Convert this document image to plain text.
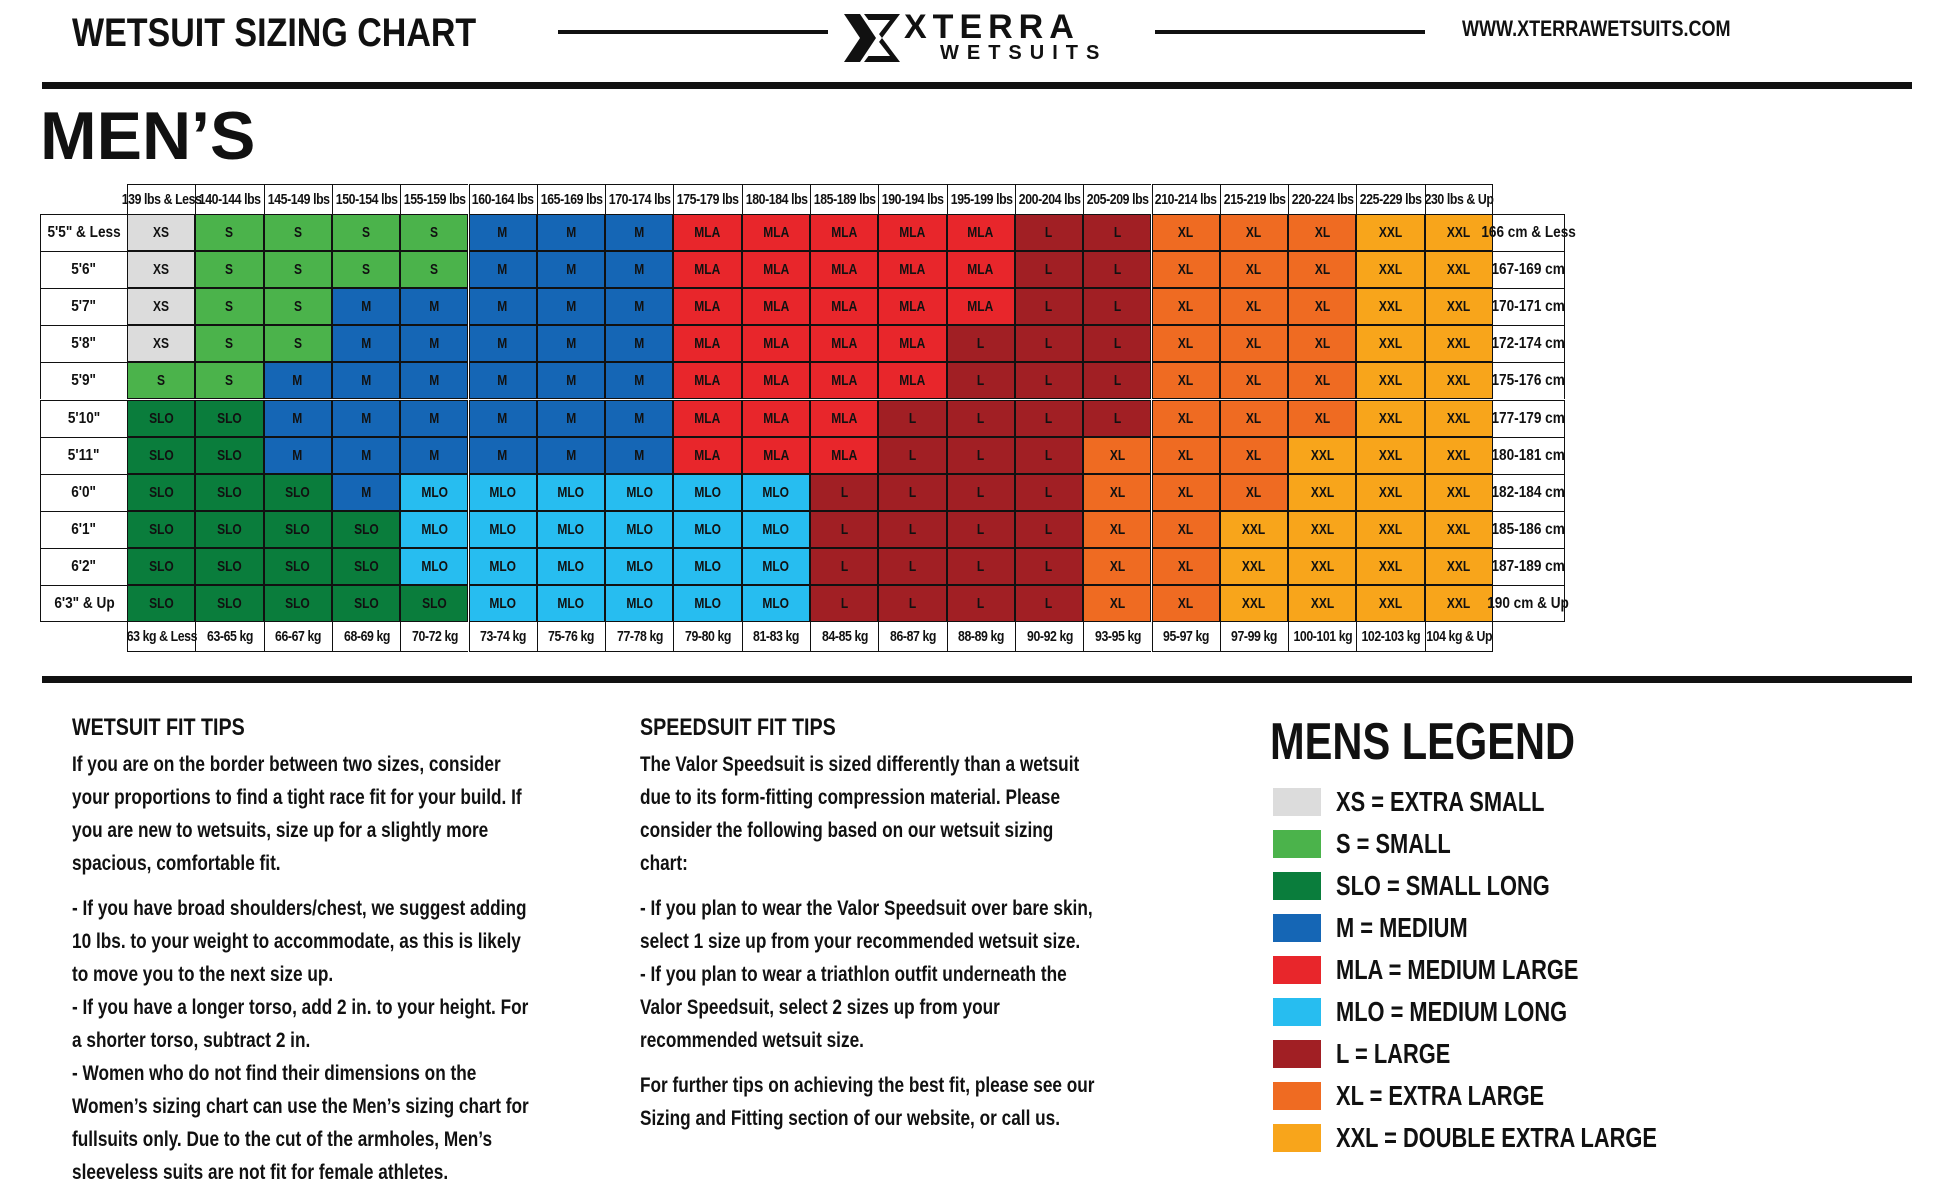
WETSUIT SIZING CHART	XTERRA
WETSUITS
WWW.XTERRAWETSUITS.COM
MEN’S
139 lbs & Less
140-144 lbs 145-149 lbs 150-154 lbs 155-159 lbs 160-164 lbs 165-169 lbs 170-174 lbs 175-179 lbs 180-184 lbs 185-189 lbs 190-194 lbs 195-199 lbs 200-204 lbs 205-209 lbs 210-214 lbs 215-219 lbs 220-224 lbs 225-229 lbs 230 lbs & Up
5'5" & Less XS	S	S	S	S	M	M	M	MLA	MLA	MLA	MLA	MLA	L	L	XL	XL	XL	XXL	XXL 166 cm & Less
5'6"	XS	S	S	S	S	M	M	M	MLA	MLA	MLA	MLA	MLA	L	L	XL	XL	XL	XXL	XXL 167-169 cm
5'7"	XS	S	S	M	M	M	M	M	MLA	MLA	MLA	MLA	MLA	L	L	XL	XL	XL	XXL	XXL 170-171 cm
5'8"	XS	S	S	M	M	M	M	M	MLA	MLA	MLA	MLA	L	L	L	XL	XL	XL	XXL	XXL 172-174 cm
5'9"	S	S	M	M	M	M	M	M	MLA	MLA	MLA	MLA	L	L	L	XL	XL	XL	XXL	XXL 175-176 cm
5'10"	SLO	SLO	M	M	M	M	M	M	MLA	MLA	MLA	L	L	L	L	XL	XL	XL	XXL	XXL 177-179 cm
5'11"	SLO	SLO	M	M	M	M	M	M	MLA	MLA	MLA	L	L	L	XL	XL	XL	XXL	XXL	XXL 180-181 cm
6'0"	SLO	SLO	SLO	M	MLO	MLO	MLO	MLO	MLO	MLO	L	L	L	L	XL	XL	XL	XXL	XXL	XXL 182-184 cm
6'1"	SLO	SLO	SLO	SLO	MLO	MLO	MLO	MLO	MLO	MLO	L	L	L	L	XL	XL	XXL	XXL	XXL	XXL 185-186 cm
6'2"	SLO	SLO	SLO	SLO	MLO	MLO	MLO	MLO	MLO	MLO	L	L	L	L	XL	XL	XXL	XXL	XXL	XXL 187-189 cm
6'3" & Up SLO	SLO	SLO	SLO	SLO	MLO	MLO	MLO	MLO	MLO	L	L	L	L	XL	XL	XXL	XXL	XXL	XXL 190 cm & Up
63 kg & Less 63-65 kg 66-67 kg 68-69 kg 70-72 kg 73-74 kg 75-76 kg 77-78 kg 79-80 kg 81-83 kg 84-85 kg 86-87 kg 88-89 kg 90-92 kg 93-95 kg 95-97 kg 97-99 kg 100-101 kg 102-103 kg 104 kg & Up
WETSUIT FIT TIPS

If you are on the border between two sizes, consider your proportions to find a tight race fit for your build. If you are new to wetsuits, size up for a slightly more spacious, comfortable fit.

- If you have broad shoulders/chest, we suggest adding 10 lbs. to your weight to accommodate, as this is likely to move you to the next size up.
- If you have a longer torso, add 2 in. to your height. For a shorter torso, subtract 2 in.
- Women who do not find their dimensions on the Women’s sizing chart can use the Men’s sizing chart for fullsuits only. Due to the cut of the armholes, Men’s sleeveless suits are not fit for female athletes.
SPEEDSUIT FIT TIPS

The Valor Speedsuit is sized differently than a wetsuit due to its form-fitting compression material. Please consider the following based on our wetsuit sizing chart:

- If you plan to wear the Valor Speedsuit over bare skin, select 1 size up from your recommended wetsuit size.
- If you plan to wear a triathlon outfit underneath the Valor Speedsuit, select 2 sizes up from your recommended wetsuit size.
For further tips on achieving the best fit, please see our Sizing and Fitting section of our website, or call us.
MENS LEGEND
XS = EXTRA SMALL
S = SMALL
SLO = SMALL LONG
M = MEDIUM
MLA = MEDIUM LARGE
MLO = MEDIUM LONG
L = LARGE
XL = EXTRA LARGE
XXL = DOUBLE EXTRA LARGE
